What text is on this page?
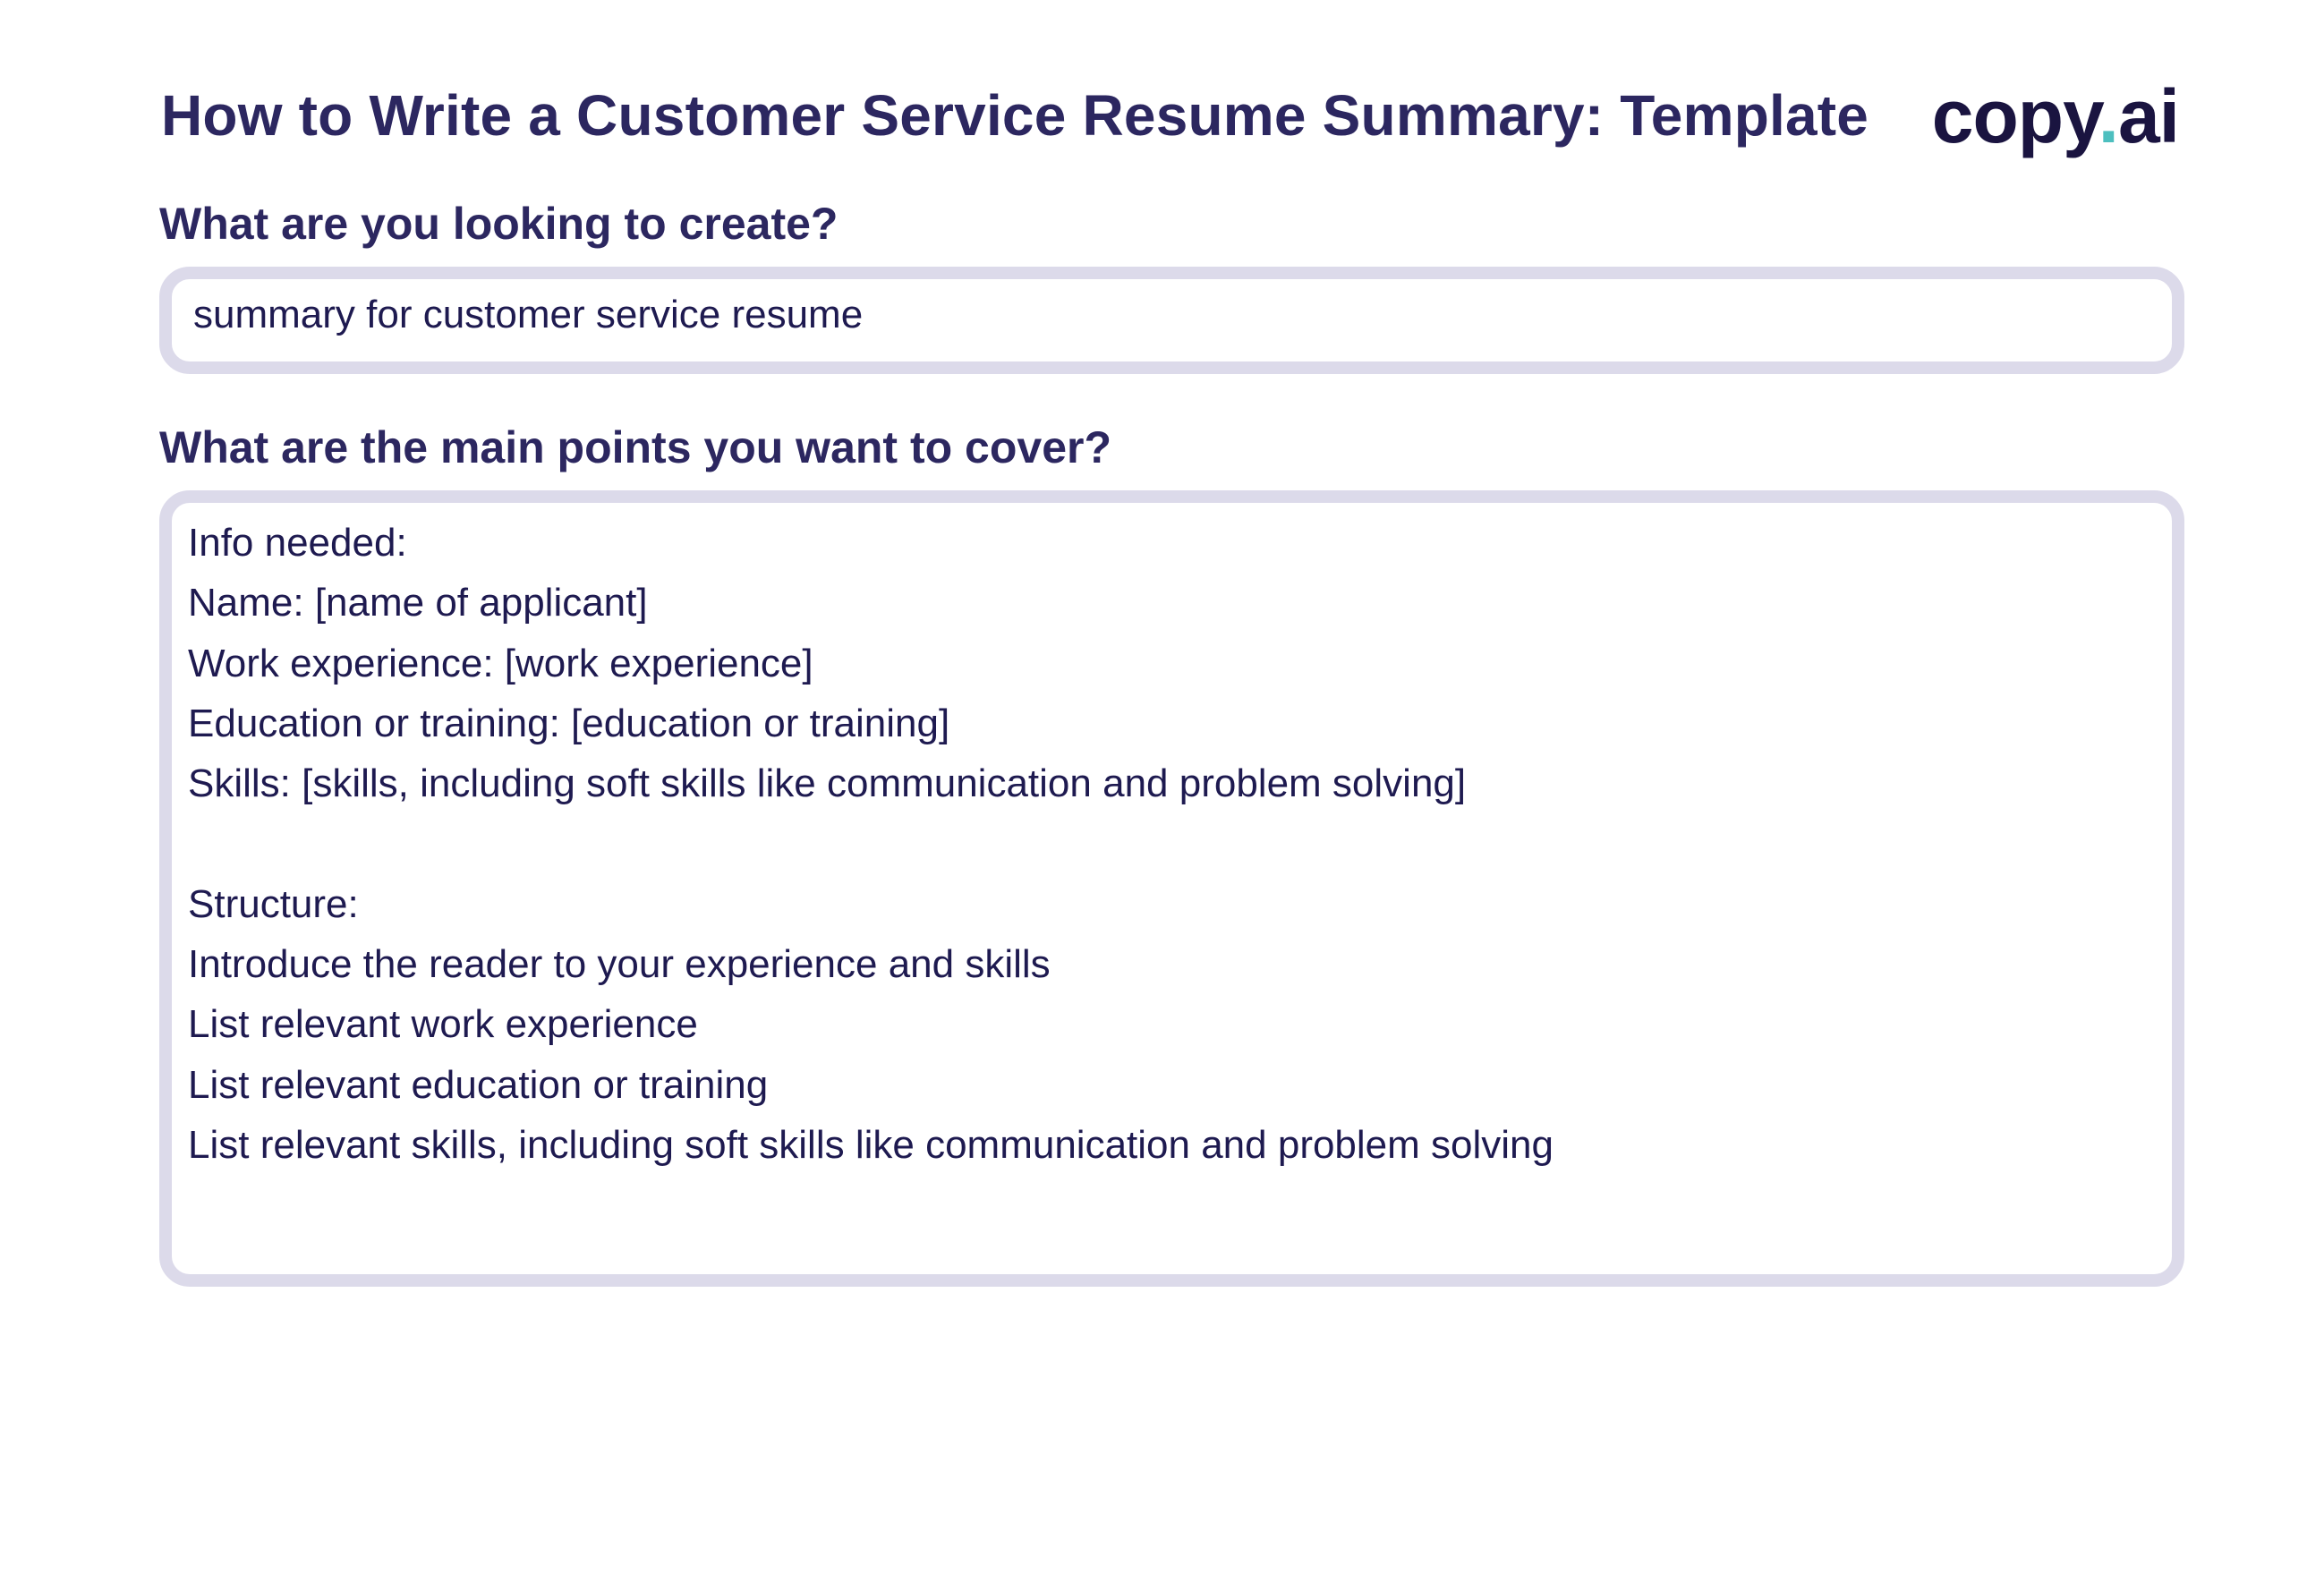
How to Write a Customer Service Resume Summary: Template copy.ai
What are you looking to create?
summary for customer service resume
What are the main points you want to cover?
Info needed:
Name: [name of applicant]
Work experience: [work experience]
Education or training: [education or training]
Skills: [skills, including soft skills like communication and problem solving]
Structure:
Introduce the reader to your experience and skills
List relevant work experience
List relevant education or training
List relevant skills, including soft skills like communication and problem solving
